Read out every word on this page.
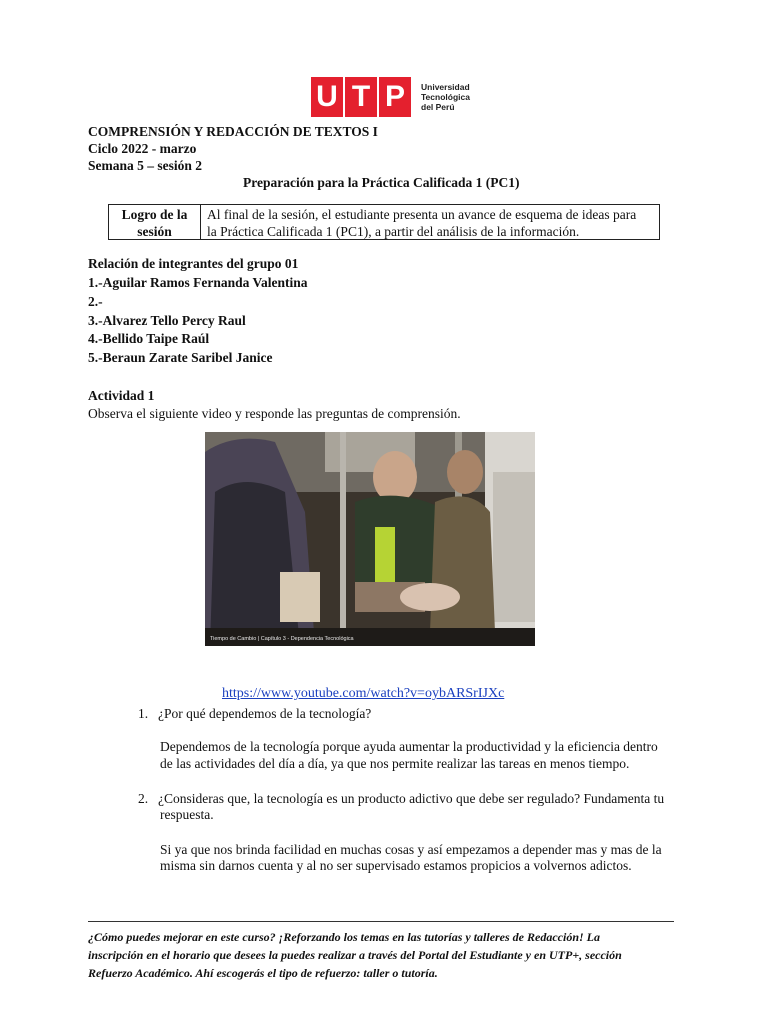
U T P	Universidad
Tecnológica
del Perú
COMPRENSIÓN Y REDACCIÓN DE TEXTOS I
Ciclo 2022 - marzo
Semana 5 – sesión 2
Preparación para la Práctica Calificada 1 (PC1)
Logro de la
sesión
Al final de la sesión, el estudiante presenta un avance de esquema de ideas para
la Práctica Calificada 1 (PC1), a partir del análisis de la información.
Relación de integrantes del grupo 01
1.-Aguilar Ramos Fernanda Valentina
2.-
3.-Alvarez Tello Percy Raul
4.-Bellido Taipe Raúl
5.-Beraun Zarate Saribel Janice
Actividad 1
Observa el siguiente video y responde las preguntas de comprensión.
Tiempo de Cambio | Capítulo 3 - Dependencia Tecnológica
https://www.youtube.com/watch?v=oybARSrIJXc
1. ¿Por qué dependemos de la tecnología?
Dependemos de la tecnología porque ayuda aumentar la productividad y la eficiencia dentro
de las actividades del día a día, ya que nos permite realizar las tareas en menos tiempo.
2. ¿Consideras que, la tecnología es un producto adictivo que debe ser regulado? Fundamenta tu
respuesta.
Si ya que nos brinda facilidad en muchas cosas y así empezamos a depender mas y mas de la
misma sin darnos cuenta y al no ser supervisado estamos propicios a volvernos adictos.
¿Cómo puedes mejorar en este curso? ¡Reforzando los temas en las tutorías y talleres de Redacción! La
inscripción en el horario que desees la puedes realizar a través del Portal del Estudiante y en UTP+, sección
Refuerzo Académico. Ahí escogerás el tipo de refuerzo: taller o tutoría.
